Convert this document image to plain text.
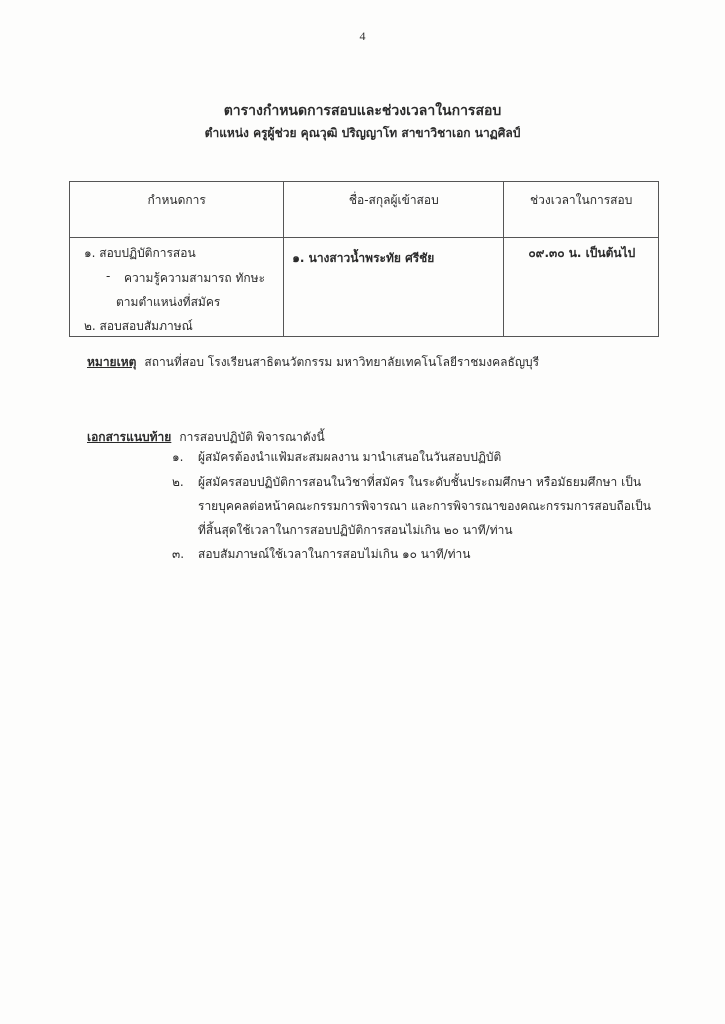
4
ตารางกำหนดการสอบและช่วงเวลาในการสอบ
ตำแหน่ง ครูผู้ช่วย คุณวุฒิ ปริญญาโท สาขาวิชาเอก นาฏศิลป์
กำหนดการ	ชื่อ-สกุลผู้เข้าสอบ	ช่วงเวลาในการสอบ

๑. สอบปฏิบัติการสอน
- ความรู้ความสามารถ ทักษะ
ตามตำแหน่งที่สมัคร
๒. สอบสอบสัมภาษณ์	๑. นางสาวน้ำพระทัย ศรีชัย	๐๙.๓๐ น. เป็นต้นไป
หมายเหตุ สถานที่สอบ โรงเรียนสาธิตนวัตกรรม มหาวิทยาลัยเทคโนโลยีราชมงคลธัญบุรี
เอกสารแนบท้าย การสอบปฏิบัติ พิจารณาดังนี้
๑. ผู้สมัครต้องนำแฟ้มสะสมผลงาน มานำเสนอในวันสอบปฏิบัติ
๒. ผู้สมัครสอบปฏิบัติการสอนในวิชาที่สมัคร ในระดับชั้นประถมศึกษา หรือมัธยมศึกษา เป็น
รายบุคคลต่อหน้าคณะกรรมการพิจารณา และการพิจารณาของคณะกรรมการสอบถือเป็น
ที่สิ้นสุดใช้เวลาในการสอบปฏิบัติการสอนไม่เกิน ๒๐ นาที/ท่าน
๓. สอบสัมภาษณ์ใช้เวลาในการสอบไม่เกิน ๑๐ นาที/ท่าน
